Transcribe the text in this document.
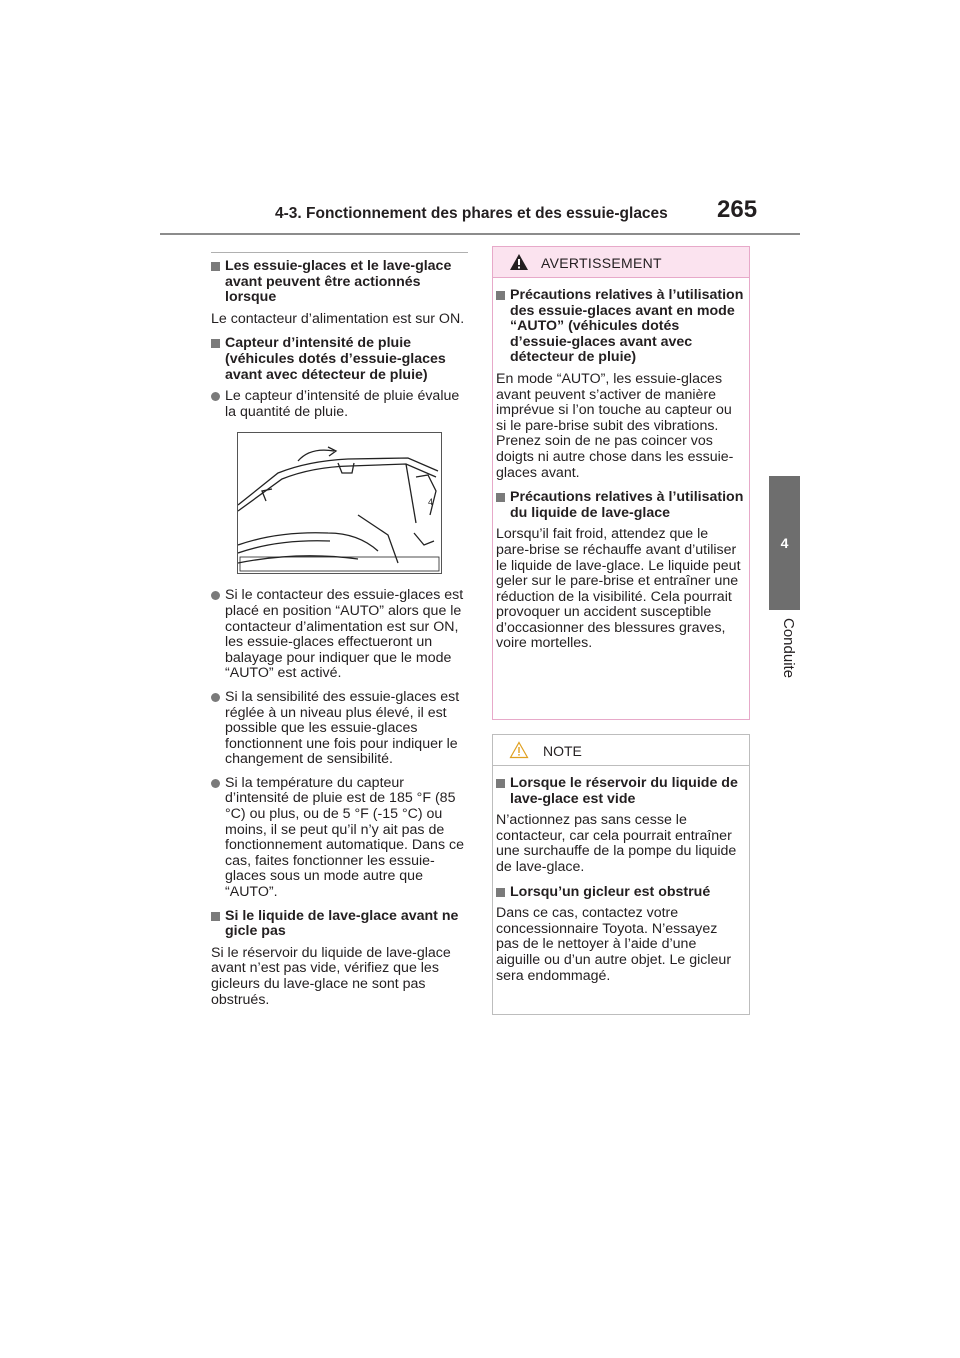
4-3. Fonctionnement des phares et des essuie-glaces 265
4
Conduite
Les essuie-glaces et le lave-glace avant peuvent être actionnés lorsque
Le contacteur d’alimentation est sur ON.
Capteur d’intensité de pluie (véhicules dotés d’essuie-glaces avant avec détecteur de pluie)
Le capteur d’intensité de pluie évalue la quantité de pluie.
4
Si le contacteur des essuie-glaces est placé en position “AUTO” alors que le contacteur d’alimentation est sur ON, les essuie-glaces effectueront un balayage pour indiquer que le mode “AUTO” est activé.
Si la sensibilité des essuie-glaces est réglée à un niveau plus élevé, il est possible que les essuie-glaces fonctionnent une fois pour indiquer le changement de sensibilité.
Si la température du capteur d’intensité de pluie est de 185 °F (85 °C) ou plus, ou de 5 °F (-15 °C) ou moins, il se peut qu’il n’y ait pas de fonctionnement automatique. Dans ce cas, faites fonctionner les essuie-glaces sous un mode autre que “AUTO”.
Si le liquide de lave-glace avant ne gicle pas
Si le réservoir du liquide de lave-glace avant n’est pas vide, vérifiez que les gicleurs du lave-glace ne sont pas obstrués.
AVERTISSEMENT
Précautions relatives à l’utilisation des essuie-glaces avant en mode “AUTO” (véhicules dotés d’essuie-glaces avant avec détecteur de pluie)
En mode “AUTO”, les essuie-glaces avant peuvent s’activer de manière imprévue si l’on touche au capteur ou si le pare-brise subit des vibrations. Prenez soin de ne pas coincer vos doigts ni autre chose dans les essuie-glaces avant.
Précautions relatives à l’utilisation du liquide de lave-glace
Lorsqu’il fait froid, attendez que le pare-brise se réchauffe avant d’utiliser le liquide de lave-glace. Le liquide peut geler sur le pare-brise et entraîner une réduction de la visibilité. Cela pourrait provoquer un accident susceptible d’occasionner des blessures graves, voire mortelles.
NOTE
Lorsque le réservoir du liquide de lave-glace est vide
N’actionnez pas sans cesse le contacteur, car cela pourrait entraîner une surchauffe de la pompe du liquide de lave-glace.
Lorsqu’un gicleur est obstrué
Dans ce cas, contactez votre concessionnaire Toyota. N’essayez pas de le nettoyer à l’aide d’une aiguille ou d’un autre objet. Le gicleur sera endommagé.
